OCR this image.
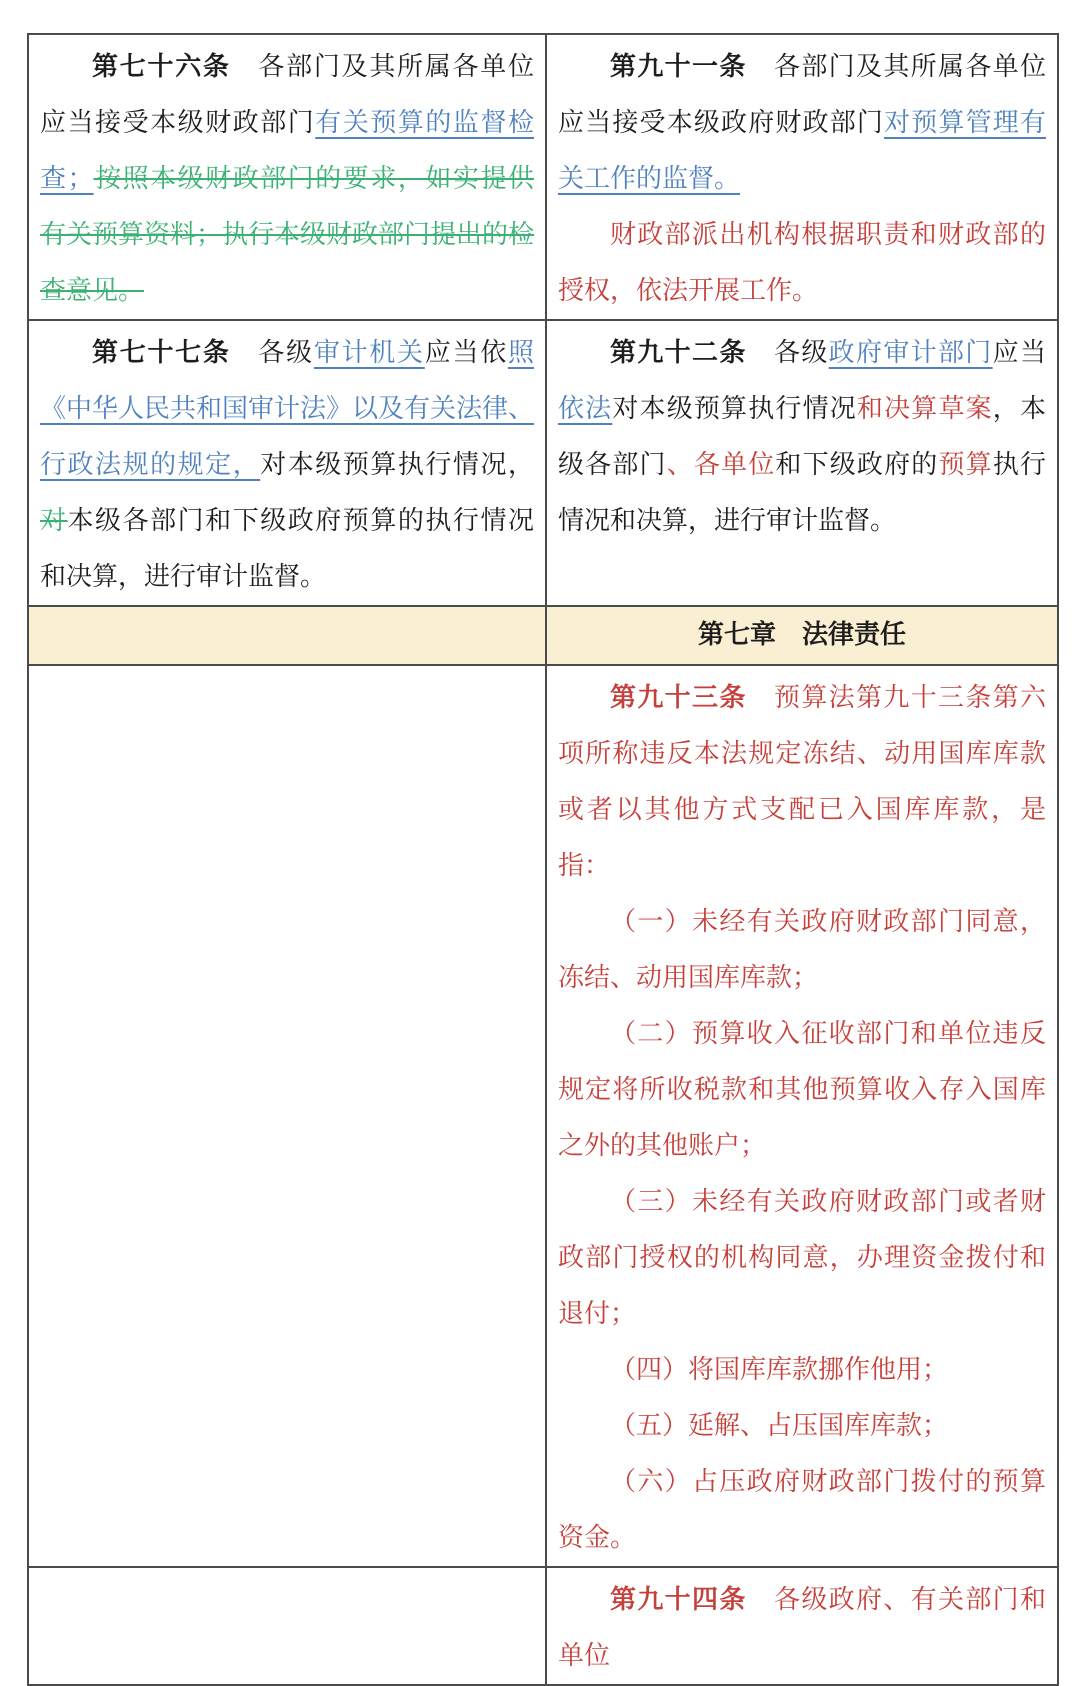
第七十六条　各部门及其所属各单位应当接受本级财政部门有关预算的监督检查；按照本级财政部门的要求，如实提供有关预算资料；执行本级财政部门提出的检查意见。	第九十一条　各部门及其所属各单位应当接受本级政府财政部门对预算管理有关工作的监督。

财政部派出机构根据职责和财政部的授权，依法开展工作。

第七十七条　各级审计机关应当依照《中华人民共和国审计法》以及有关法律、行政法规的规定，对本级预算执行情况，对本级各部门和下级政府预算的执行情况和决算，进行审计监督。	第九十二条　各级政府审计部门应当依法对本级预算执行情况和决算草案，本级各部门、各单位和下级政府的预算执行情况和决算，进行审计监督。

	第七章　法律责任

第九十三条　预算法第九十三条第六项所称违反本法规定冻结、动用国库库款或者以其他方式支配已入国库库款，是指：

（一）未经有关政府财政部门同意，冻结、动用国库库款；

（二）预算收入征收部门和单位违反规定将所收税款和其他预算收入存入国库之外的其他账户；

（三）未经有关政府财政部门或者财政部门授权的机构同意，办理资金拨付和退付；

（四）将国库库款挪作他用；

（五）延解、占压国库库款；

（六）占压政府财政部门拨付的预算资金。

	第九十四条　各级政府、有关部门和单位
